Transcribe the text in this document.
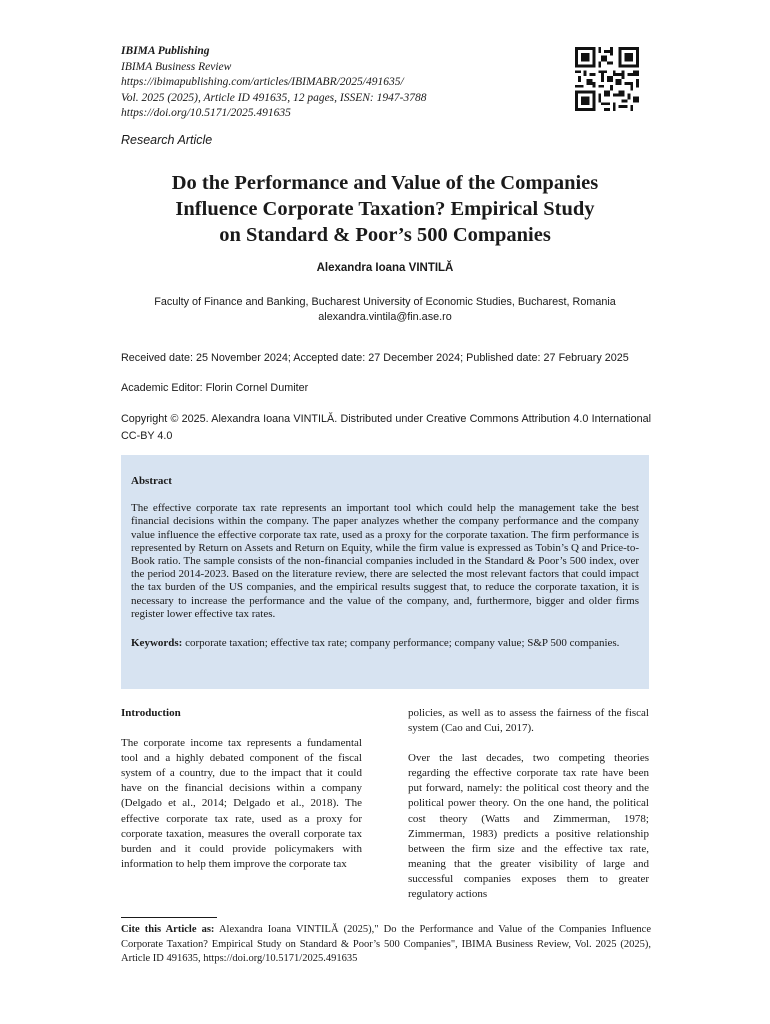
IBIMA Publishing
IBIMA Business Review
https://ibimapublishing.com/articles/IBIMABR/2025/491635/
Vol. 2025 (2025), Article ID 491635, 12 pages, ISSEN: 1947-3788
https://doi.org/10.5171/2025.491635
Research Article
Do the Performance and Value of the Companies
Influence Corporate Taxation? Empirical Study
on Standard & Poor’s 500 Companies
Alexandra Ioana VINTILĂ
Faculty of Finance and Banking, Bucharest University of Economic Studies, Bucharest, Romania
alexandra.vintila@fin.ase.ro
Received date: 25 November 2024; Accepted date: 27 December 2024; Published date: 27 February 2025
Academic Editor: Florin Cornel Dumiter
Copyright © 2025. Alexandra Ioana VINTILĂ. Distributed under Creative Commons Attribution 4.0 International CC-BY 4.0
Abstract
The effective corporate tax rate represents an important tool which could help the management take the best financial decisions within the company. The paper analyzes whether the company performance and the company value influence the effective corporate tax rate, used as a proxy for the corporate taxation. The firm performance is represented by Return on Assets and Return on Equity, while the firm value is expressed as Tobin’s Q and Price-to-Book ratio. The sample consists of the non-financial companies included in the Standard & Poor’s 500 index, over the period 2014-2023. Based on the literature review, there are selected the most relevant factors that could impact the tax burden of the US companies, and the empirical results suggest that, to reduce the corporate taxation, it is necessary to increase the performance and the value of the company, and, furthermore, bigger and older firms register lower effective tax rates.
Keywords: corporate taxation; effective tax rate; company performance; company value; S&P 500 companies.
Introduction

The corporate income tax represents a fundamental tool and a highly debated component of the fiscal system of a country, due to the impact that it could have on the financial decisions within a company (Delgado et al., 2014; Delgado et al., 2018). The effective corporate tax rate, used as a proxy for corporate taxation, measures the overall corporate tax burden and it could provide policymakers with information to help them improve the corporate tax

policies, as well as to assess the fairness of the fiscal system (Cao and Cui, 2017).

Over the last decades, two competing theories regarding the effective corporate tax rate have been put forward, namely: the political cost theory and the political power theory. On the one hand, the political cost theory (Watts and Zimmerman, 1978; Zimmerman, 1983) predicts a positive relationship between the firm size and the effective tax rate, meaning that the greater visibility of large and successful companies exposes them to greater regulatory actions

Cite this Article as: Alexandra Ioana VINTILĂ (2025)," Do the Performance and Value of the Companies Influence Corporate Taxation? Empirical Study on Standard & Poor’s 500 Companies", IBIMA Business Review, Vol. 2025 (2025), Article ID 491635, https://doi.org/10.5171/2025.491635
